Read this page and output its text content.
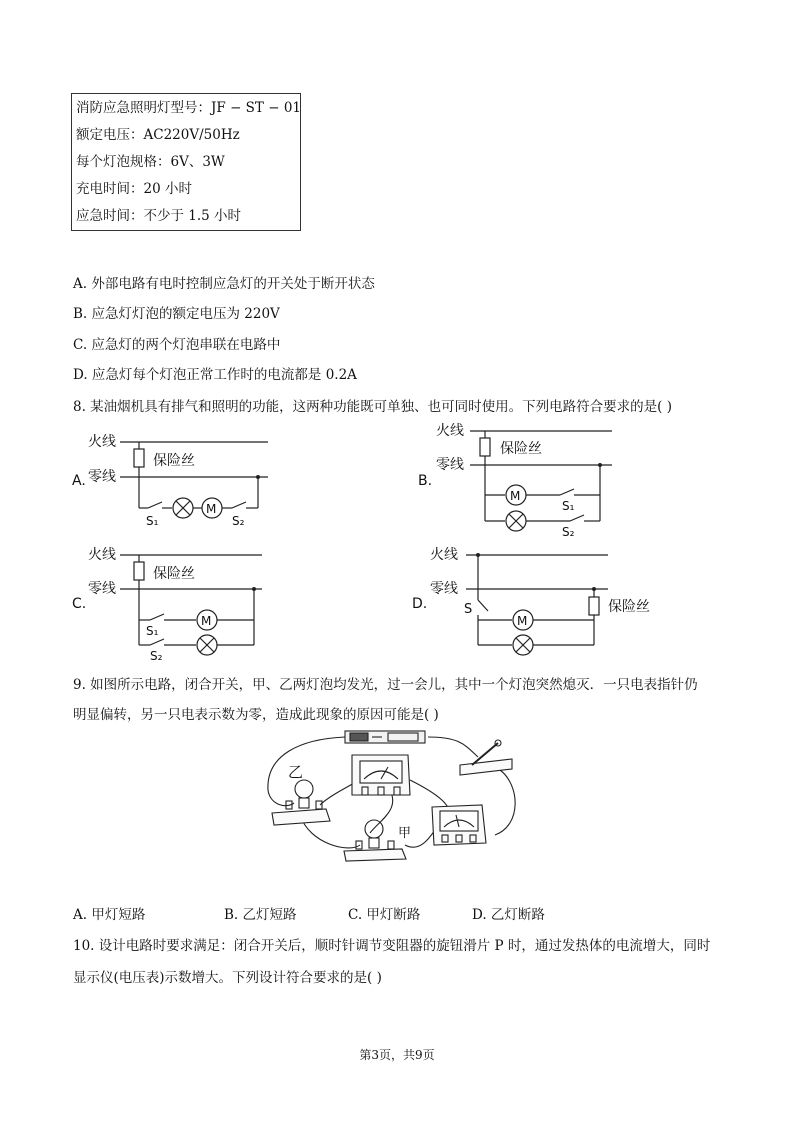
消防应急照明灯型号：JF − ST − 01
额定电压：AC220V/50Hz
每个灯泡规格：6V、3W
充电时间：20 小时
应急时间：不少于 1.5 小时
A. 外部电路有电时控制应急灯的开关处于断开状态
B. 应急灯灯泡的额定电压为 220V
C. 应急灯的两个灯泡串联在电路中
D. 应急灯每个灯泡正常工作时的电流都是 0.2A
8. 某油烟机具有排气和照明的功能，这两种功能既可单独、也可同时使用。下列电路符合要求的是( )
火线
零线
保险丝
A.
M
S₁	S₂
火线
零线
保险丝
B.
M
S₁
S₂
火线
零线
保险丝
C.
M
S₁
S₂
火线
零线
保险丝
D.	S
M
9. 如图所示电路，闭合开关，甲、乙两灯泡均发光，过一会儿，其中一个灯泡突然熄灭．一只电表指针仍
明显偏转，另一只电表示数为零，造成此现象的原因可能是( )
乙
甲
A. 甲灯短路	B. 乙灯短路	C. 甲灯断路	D. 乙灯断路
10. 设计电路时要求满足：闭合开关后，顺时针调节变阻器的旋钮滑片 P 时，通过发热体的电流增大，同时
显示仪(电压表)示数增大。下列设计符合要求的是( )
第3页，共9页
